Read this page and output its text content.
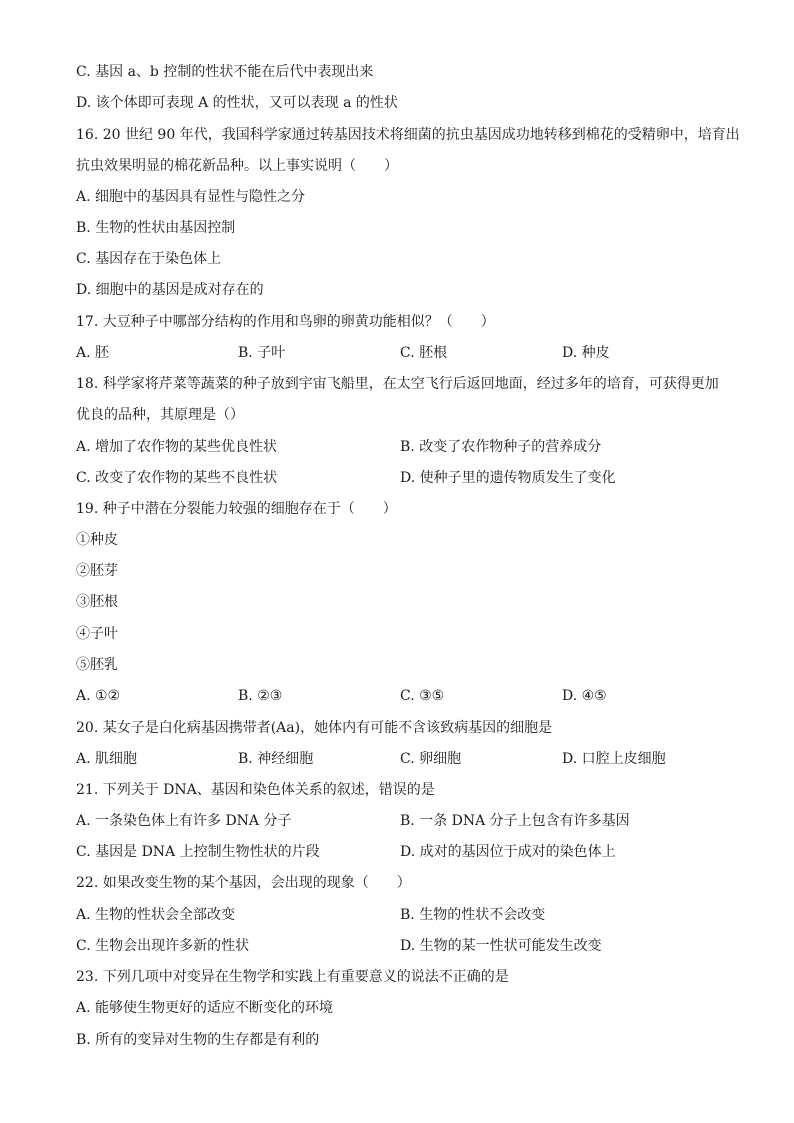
C. 基因 a、b 控制的性状不能在后代中表现出来
D. 该个体即可表现 A 的性状，又可以表现 a 的性状
16. 20 世纪 90 年代，我国科学家通过转基因技术将细菌的抗虫基因成功地转移到棉花的受精卵中，培育出
抗虫效果明显的棉花新品种。以上事实说明（　　）
A. 细胞中的基因具有显性与隐性之分
B. 生物的性状由基因控制
C. 基因存在于染色体上
D. 细胞中的基因是成对存在的
17. 大豆种子中哪部分结构的作用和鸟卵的卵黄功能相似？（　　）
A. 胚	B. 子叶	C. 胚根	D. 种皮
18. 科学家将芹菜等蔬菜的种子放到宇宙飞船里，在太空飞行后返回地面，经过多年的培育，可获得更加
优良的品种，其原理是（）
A. 增加了农作物的某些优良性状	B. 改变了农作物种子的营养成分
C. 改变了农作物的某些不良性状	D. 使种子里的遗传物质发生了变化
19. 种子中潜在分裂能力较强的细胞存在于（　　）
①种皮
②胚芽
③胚根
④子叶
⑤胚乳
A. ①②	B. ②③	C. ③⑤	D. ④⑤
20. 某女子是白化病基因携带者(Aa)，她体内有可能不含该致病基因的细胞是
A. 肌细胞	B. 神经细胞	C. 卵细胞	D. 口腔上皮细胞
21. 下列关于 DNA、基因和染色体关系的叙述，错误的是
A. 一条染色体上有许多 DNA 分子	B. 一条 DNA 分子上包含有许多基因
C. 基因是 DNA 上控制生物性状的片段	D. 成对的基因位于成对的染色体上
22. 如果改变生物的某个基因，会出现的现象（　　）
A. 生物的性状会全部改变	B. 生物的性状不会改变
C. 生物会出现许多新的性状	D. 生物的某一性状可能发生改变
23. 下列几项中对变异在生物学和实践上有重要意义的说法不正确的是
A. 能够使生物更好的适应不断变化的环境
B. 所有的变异对生物的生存都是有利的
